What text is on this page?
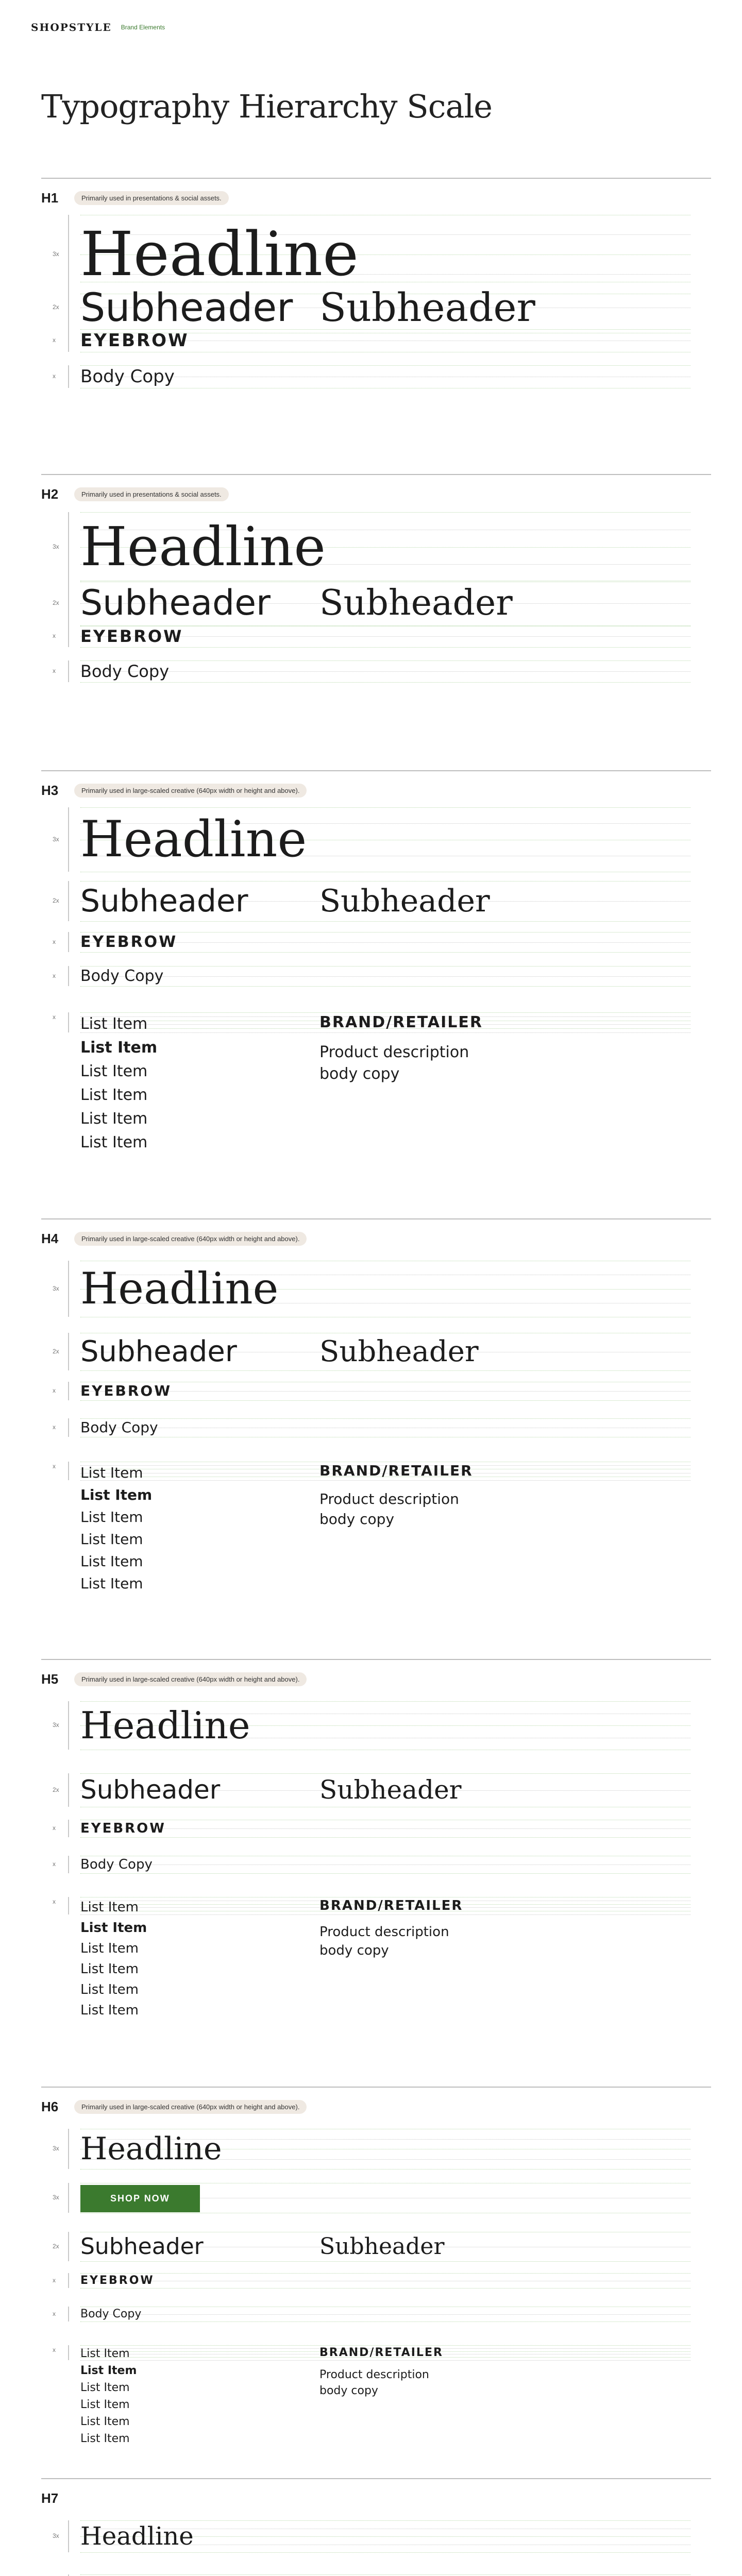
SHOPSTYLE Brand Elements
Typography Hierarchy Scale
H1	Primarily used in presentations & social assets.
3x Headline
2x Subheader Subheader
x EYEBROW
x Body Copy
H2	Primarily used in presentations & social assets.
3x Headline
2x Subheader Subheader
x EYEBROW
x Body Copy
H3	Primarily used in large-scaled creative (640px width or height and above).
3x Headline
2x Subheader Subheader
x EYEBROW
x Body Copy
x List Item
List Item
List Item
List Item
List Item
List Item
BRAND/RETAILER
Product description body copy
H4	Primarily used in large-scaled creative (640px width or height and above).
3x Headline
2x Subheader	Subheader
x EYEBROW
x Body Copy
x List Item
List Item
List Item
List Item
List Item
List Item
BRAND/RETAILER
Product description body copy
H5	Primarily used in large-scaled creative (640px width or height and above).
3x Headline
2x Subheader	Subheader
x EYEBROW
x Body Copy
x List Item
List Item
List Item
List Item
List Item
List Item
BRAND/RETAILER
Product description body copy
H6	Primarily used in large-scaled creative (640px width or height and above).
3x Headline
3x	SHOP NOW
2x Subheader	Subheader
x EYEBROW
x Body Copy
x List Item
List Item
List Item
List Item
List Item
List Item
BRAND/RETAILER
Product description body copy
H7
3x Headline
